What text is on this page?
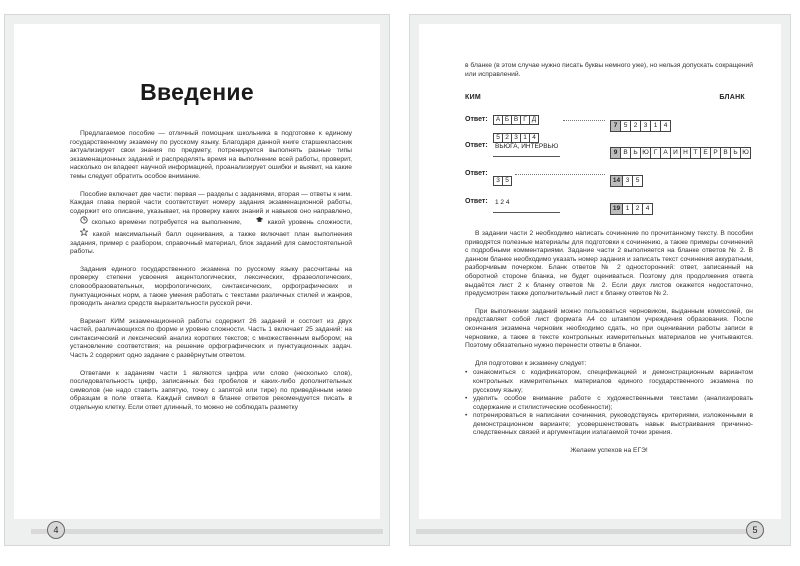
Введение

Предлагаемое пособие — отличный помощник школьника в подготовке к единому государственному экзамену по русскому языку. Благодаря данной книге старшеклассник актуализирует свои знания по предмету, потренируется выполнять разные типы экзаменационных заданий и распределять время на выполнение всей работы, проверит, насколько он владеет научной информацией, проанализирует ошибки и выявит, на какие темы следует обратить особое внимание.

Пособие включает две части: первая — разделы с заданиями, вторая — ответы к ним. Каждая глава первой части соответствует номеру задания экзаменационной работы, содержит его описание, указывает, на проверку каких знаний и навыков оно направлено,  сколько времени потребуется на выполнение,	какой уровень сложности,  какой максимальный балл оценивания, а также включает план выполнения задания, пример с разбором, справочный материал, блок заданий для самостоятельной работы.

Задания единого государственного экзамена по русскому языку рассчитаны на проверку степени усвоения акцентологических, лексических, фразеологических, словообразовательных, морфологических, синтаксических, орфографических и пунктуационных норм, а также умения работать с текстами различных стилей и жанров, проводить анализ средств выразительности русской речи.

Вариант КИМ экзаменационной работы содержит 26 заданий и состоит из двух частей, различающихся по форме и уровню сложности. Часть 1 включает 25 заданий: на синтаксический и лексический анализ коротких текстов; с множественным выбором; на установление соответствия; на решение орфографических и пунктуационных задач. Часть 2 содержит одно задание с развёрнутым ответом.

Ответами к заданиям части 1 являются цифра или слово (несколько слов), последовательность цифр, записанных без пробелов и каких-либо дополнительных символов (не надо ставить запятую, точку с запятой или тире) по приведённым ниже образцам в поле ответа. Каждый символ в бланке ответов рекомендуется писать в отдельную клетку. Если ответ длинный, то можно не соблюдать разметку

4

в бланке (в этом случае нужно писать буквы немного уже), но нельзя допускать сокращений или исправлений.

КИМ	БЛАНК
Ответ:	А Б В Г Д
5 2 3 1 4
7 5 2 3 1 4
Ответ:	ВЬЮГА, ИНТЕРВЬЮ
9 В Ь Ю Г А И Н Т Е Р В Ь Ю
Ответ:
3 5	14 3 5
Ответ:	1 2 4
19 1 2 4

В задании части 2 необходимо написать сочинение по прочитанному тексту. В пособии приводятся полезные материалы для подготовки к сочинению, а также примеры сочинений с подробными комментариями. Задание части 2 выполняется на бланке ответов № 2. В данном бланке необходимо указать номер задания и записать текст сочинения аккуратным, разборчивым почерком. Бланк ответов № 2 односторонний: ответ, записанный на оборотной стороне бланка, не будет оцениваться. Поэтому для продолжения ответа выдаётся лист 2 к бланку ответов № 2. Если двух листов окажется недостаточно, предусмотрен также дополнительный лист к бланку ответов № 2.

При выполнении заданий можно пользоваться черновиком, выданным комиссией, он представляет собой лист формата А4 со штампом учреждения образования. После окончания экзамена черновик необходимо сдать, но при оценивании работы записи в черновике, а также в тексте контрольных измерительных материалов не учитываются. Поэтому обязательно нужно перенести ответы в бланки.

Для подготовки к экзамену следует:

• ознакомиться с кодификатором, спецификацией и демонстрационным вариантом контрольных измерительных материалов единого государственного экзамена по русскому языку;
• уделить особое внимание работе с художественными текстами (анализировать содержание и стилистические особенности);
• потренироваться в написании сочинения, руководствуясь критериями, изложенными в демонстрационном варианте; усовершенствовать навык выстраивания причинно-следственных связей и аргументации излагаемой точки зрения.

Желаем успехов на ЕГЭ!

5
